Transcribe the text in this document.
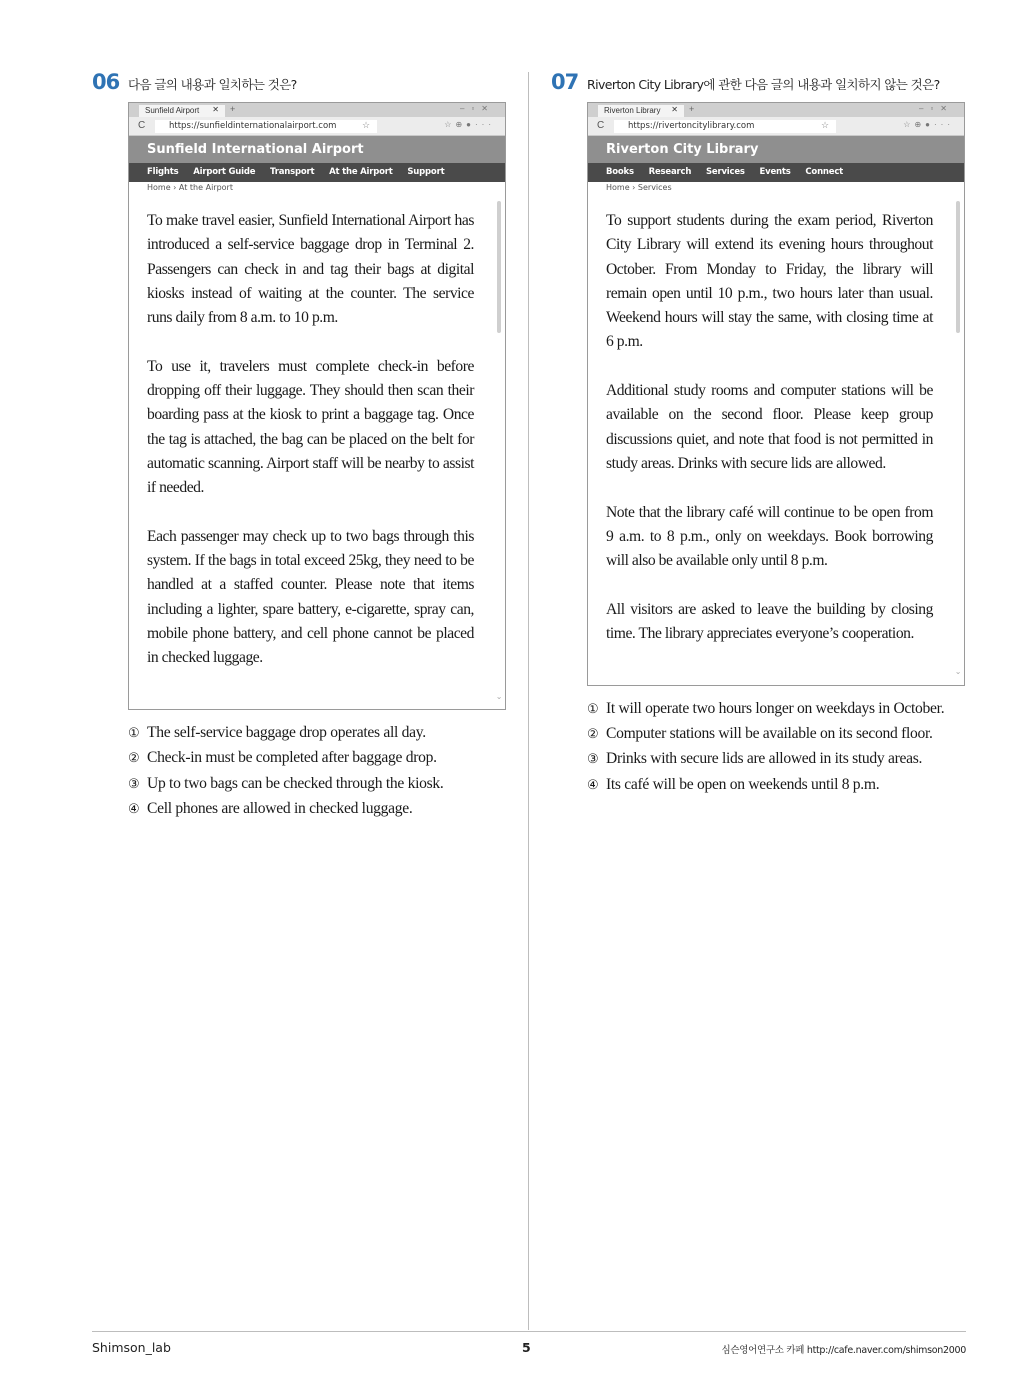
06 다음 글의 내용과 일치하는 것은?
Sunfield Airport ✕ +	–▫✕
C	https://sunfieldinternationalairport.com	☆	☆⊕●···
Sunfield International Airport
Flights Airport Guide Transport At the Airport Support
Home › At the Airport

To make travel easier, Sunfield International Airport has introduced a self-service baggage drop in Terminal 2. Passengers can check in and tag their bags at digital kiosks instead of waiting at the counter. The service runs daily from 8 a.m. to 10 p.m.

To use it, travelers must complete check-in before dropping off their luggage. They should then scan their boarding pass at the kiosk to print a baggage tag. Once the tag is attached, the bag can be placed on the belt for automatic scanning. Airport staff will be nearby to assist if needed.

Each passenger may check up to two bags through this system. If the bags in total exceed 25kg, they need to be handled at a staffed counter. Please note that items including a lighter, spare battery, e-cigarette, spray can, mobile phone battery, and cell phone cannot be placed in checked luggage.

⌄
① The self-service baggage drop operates all day.
② Check-in must be completed after baggage drop.
③ Up to two bags can be checked through the kiosk.
④ Cell phones are allowed in checked luggage.
07 Riverton City Library에 관한 다음 글의 내용과 일치하지 않는 것은?
Riverton Library ✕ +	–▫✕
C	https://rivertoncitylibrary.com	☆	☆⊕●···
Riverton City Library
Books Research Services Events Connect
Home › Services

To support students during the exam period, Riverton City Library will extend its evening hours throughout October. From Monday to Friday, the library will remain open until 10 p.m., two hours later than usual. Weekend hours will stay the same, with closing time at 6 p.m.

Additional study rooms and computer stations will be available on the second floor. Please keep group discussions quiet, and note that food is not permitted in study areas. Drinks with secure lids are allowed.

Note that the library café will continue to be open from 9 a.m. to 8 p.m., only on weekdays. Book borrowing will also be available only until 8 p.m.

All visitors are asked to leave the building by closing time. The library appreciates everyone’s cooperation.

⌄
① It will operate two hours longer on weekdays in October.
② Computer stations will be available on its second floor.
③ Drinks with secure lids are allowed in its study areas.
④ Its café will be open on weekends until 8 p.m.
Shimson_lab	5	심슨영어연구소 카페 http://cafe.naver.com/shimson2000
